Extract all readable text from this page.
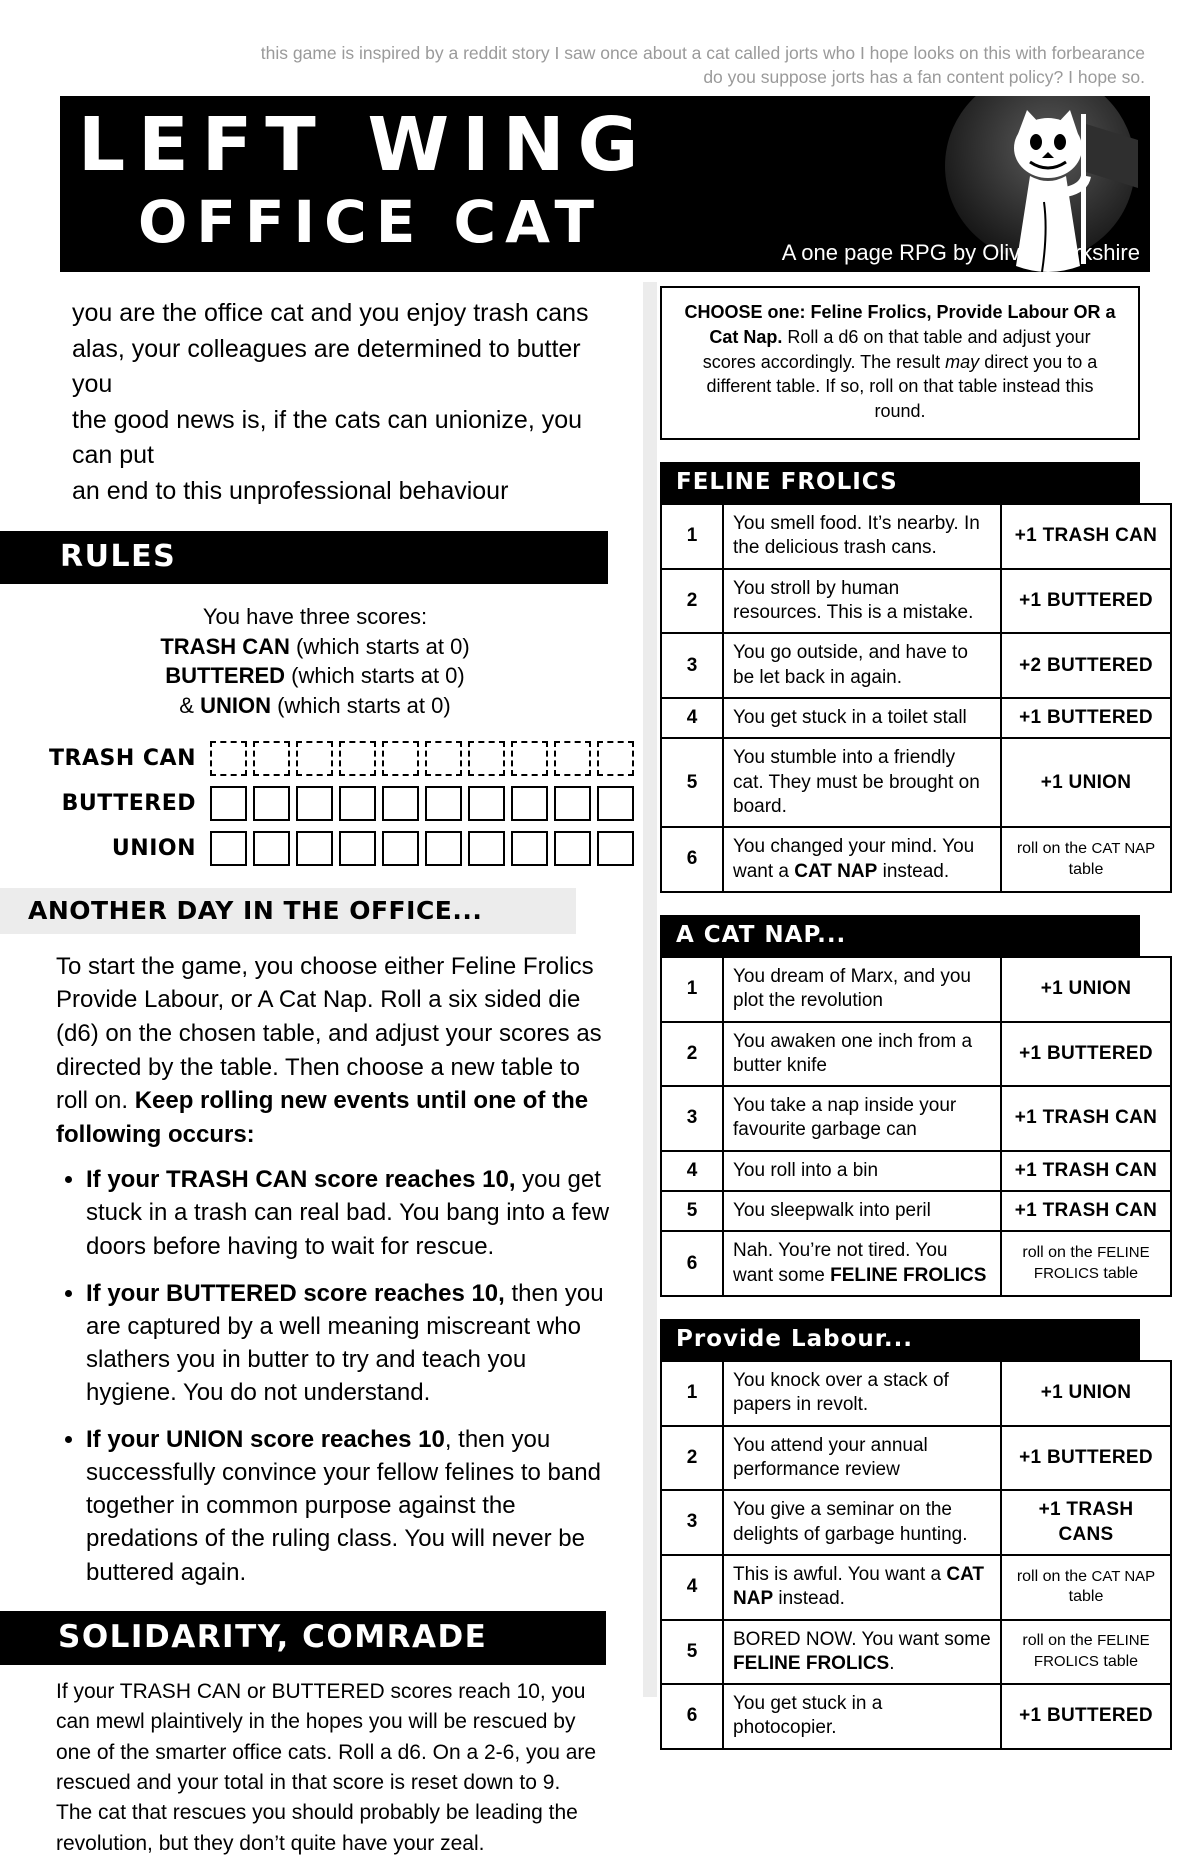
this game is inspired by a reddit story I saw once about a cat called jorts who I hope looks on this with forbearance
do you suppose jorts has a fan content policy? I hope so.
LEFT WING
OFFICE CAT	A one page RPG by Oliver Darkshire

you are the office cat and you enjoy trash cans

alas, your colleagues are determined to butter you

the good news is, if the cats can unionize, you can put

an end to this unprofessional behaviour

RULES
You have three scores:
TRASH CAN (which starts at 0)
BUTTERED (which starts at 0)
& UNION (which starts at 0)
TRASH CAN
BUTTERED
UNION
ANOTHER DAY IN THE OFFICE...

To start the game, you choose either Feline Frolics Provide Labour, or A Cat Nap. Roll a six sided die (d6) on the chosen table, and adjust your scores as directed by the table. Then choose a new table to roll on. Keep rolling new events until one of the following occurs:

• If your TRASH CAN score reaches 10, you get stuck in a trash can real bad. You bang into a few doors before having to wait for rescue.
• If your BUTTERED score reaches 10, then you are captured by a well meaning miscreant who slathers you in butter to try and teach you hygiene. You do not understand.
• If your UNION score reaches 10, then you successfully convince your fellow felines to band together in common purpose against the predations of the ruling class. You will never be buttered again.
SOLIDARITY, COMRADE
If your TRASH CAN or BUTTERED scores reach 10, you can mewl plaintively in the hopes you will be rescued by one of the smarter office cats. Roll a d6. On a 2-6, you are rescued and your total in that score is reset down to 9. The cat that rescues you should probably be leading the revolution, but they don’t quite have your zeal.
CHOOSE one: Feline Frolics, Provide Labour OR a Cat Nap. Roll a d6 on that table and adjust your scores accordingly. The result may direct you to a different table. If so, roll on that table instead this round.
FELINE FROLICS
1	You smell food. It’s nearby. In the delicious trash cans.	+1 TRASH CAN
2	You stroll by human resources. This is a mistake.	+1 BUTTERED
3	You go outside, and have to be let back in again.	+2 BUTTERED
4	You get stuck in a toilet stall	+1 BUTTERED
5	You stumble into a friendly cat. They must be brought on board.	+1 UNION
6	You changed your mind. You want a CAT NAP instead.	roll on the CAT NAP table
A CAT NAP...
1	You dream of Marx, and you plot the revolution	+1 UNION
2	You awaken one inch from a butter knife	+1 BUTTERED
3	You take a nap inside your favourite garbage can	+1 TRASH CAN
4	You roll into a bin	+1 TRASH CAN
5	You sleepwalk into peril	+1 TRASH CAN
6	Nah. You’re not tired. You want some FELINE FROLICS	roll on the FELINE FROLICS table
Provide Labour...
1	You knock over a stack of papers in revolt.	+1 UNION
2	You attend your annual performance review	+1 BUTTERED
3	You give a seminar on the delights of garbage hunting.	+1 TRASH CANS
4	This is awful. You want a CAT NAP instead.	roll on the CAT NAP table
5	BORED NOW. You want some FELINE FROLICS.	roll on the FELINE FROLICS table
6	You get stuck in a photocopier.	+1 BUTTERED
